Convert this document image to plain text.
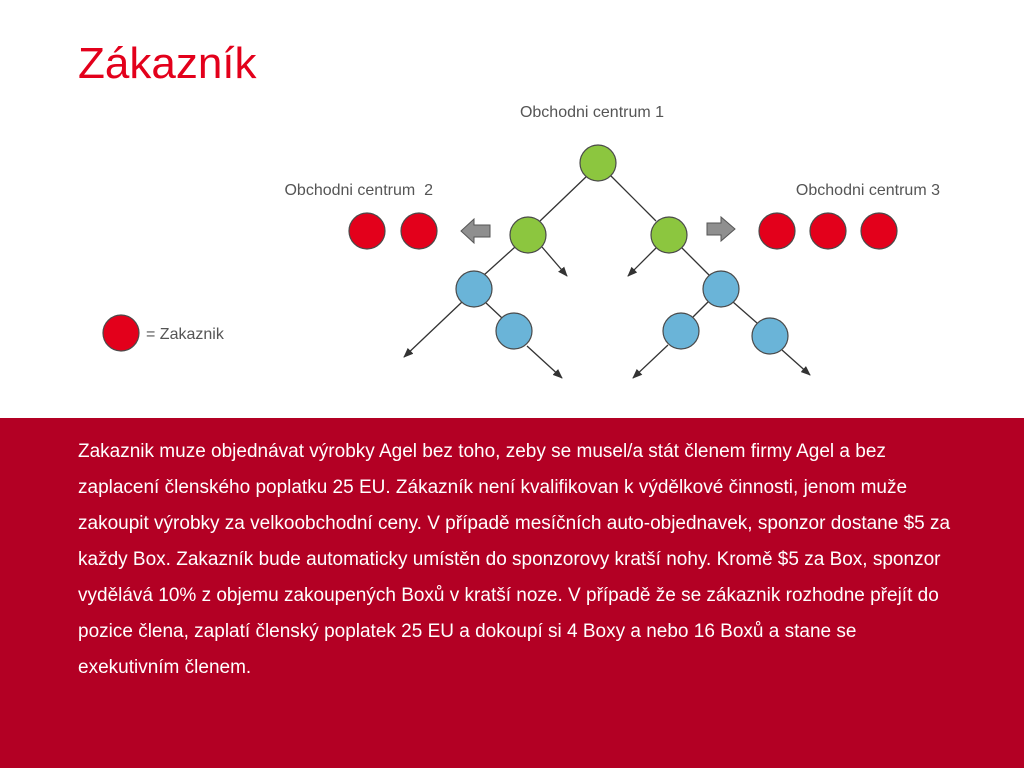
Zákazník
Obchodni centrum 1
Obchodni centrum  2	Obchodni centrum 3
= Zakaznik

Zakaznik muze objednávat výrobky Agel bez toho, zeby se musel/a stát členem firmy Agel a bez zaplacení členského poplatku 25 EU. Zákazník není kvalifikovan k výdělkové činnosti, jenom muže zakoupit výrobky za velkoobchodní ceny. V případě mesíčních auto-objednavek, sponzor dostane $5 za každy Box. Zakazník bude automaticky umístěn do sponzorovy kratší nohy. Kromě $5 za Box, sponzor vydělává 10% z objemu zakoupených Boxů v kratší noze. V případě že se zákaznik rozhodne přejít do pozice člena, zaplatí členský poplatek 25 EU a dokoupí si 4 Boxy a nebo 16 Boxů a stane se exekutivním členem.
